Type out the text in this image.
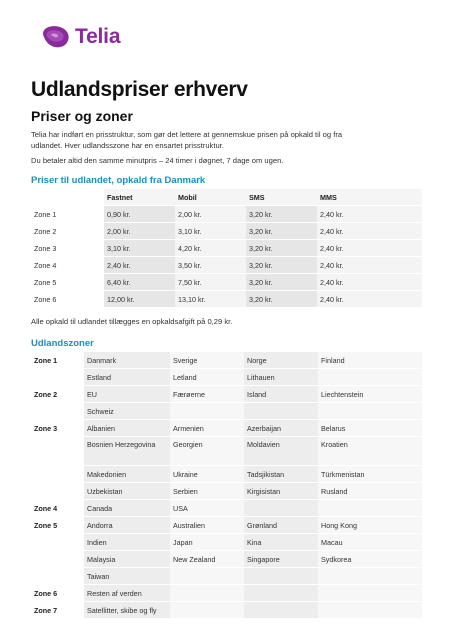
Telia
Udlandspriser erhverv
Priser og zoner
Telia har indført en prisstruktur, som gør det lettere at gennemskue prisen på opkald til og fra udlandet. Hver udlandsszone har en ensartet prisstruktur.
Du betaler altid den samme minutpris – 24 timer i døgnet, 7 dage om ugen.
Priser til udlandet, opkald fra Danmark
	Fastnet	Mobil	SMS	MMS
Zone 1	0,90 kr.	2,00 kr.	3,20 kr.	2,40 kr.
Zone 2	2,00 kr.	3,10 kr.	3,20 kr.	2,40 kr.
Zone 3	3,10 kr.	4,20 kr.	3,20 kr.	2,40 kr.
Zone 4	2,40 kr.	3,50 kr.	3,20 kr.	2,40 kr.
Zone 5	6,40 kr.	7,50 kr.	3,20 kr.	2,40 kr.
Zone 6	12,00 kr.	13,10 kr.	3,20 kr.	2,40 kr.
Alle opkald til udlandet tillægges en opkaldsafgift på 0,29 kr.
Udlandszoner
Zone 1	Danmark	Sverige	Norge	Finland
	Estland	Letland	Lithauen	
Zone 2	EU	Færøerne	Island	Liechtenstein
	Schweiz			
Zone 3	Albanien	Armenien	Azerbaijan	Belarus
	Bosnien Herzegovina	Georgien	Moldavien	Kroatien
	Makedonien	Ukraine	Tadsjikistan	Türkmenistan
	Uzbekistan	Serbien	Kirgisistan	Rusland
Zone 4	Canada	USA		
Zone 5	Andorra	Australien	Grønland	Hong Kong
	Indien	Japan	Kina	Macau
	Malaysia	New Zealand	Singapore	Sydkorea
	Taiwan			
Zone 6	Resten af verden			
Zone 7	Satellitter, skibe og fly			
